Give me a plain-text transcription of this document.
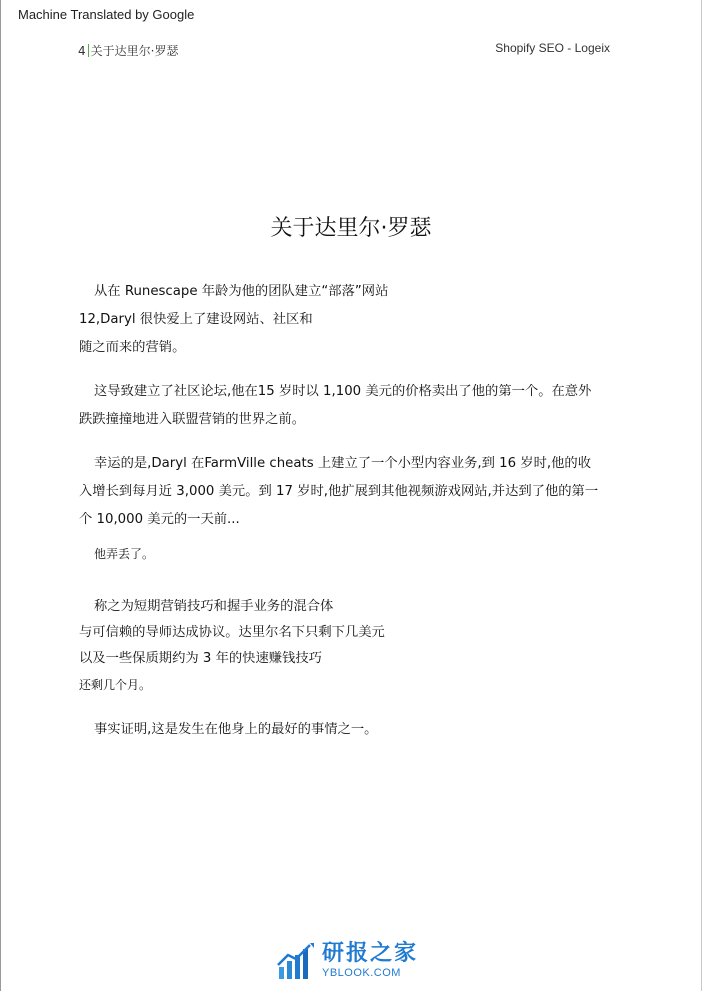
Machine Translated by Google
4 关于达里尔·罗瑟	Shopify SEO - Logeix
关于达里尔·罗瑟
从在 Runescape 年龄为他的团队建立“部落”网站
12,Daryl 很快爱上了建设网站、社区和
随之而来的营销。
这导致建立了社区论坛,他在15 岁时以 1,100 美元的价格卖出了他的第一个。在意外
跌跌撞撞地进入联盟营销的世界之前。
幸运的是,Daryl 在FarmVille cheats 上建立了一个小型内容业务,到 16 岁时,他的收
入增长到每月近 3,000 美元。到 17 岁时,他扩展到其他视频游戏网站,并达到了他的第一
个 10,000 美元的一天前...
他弄丢了。
称之为短期营销技巧和握手业务的混合体
与可信赖的导师达成协议。达里尔名下只剩下几美元
以及一些保质期约为 3 年的快速赚钱技巧
还剩几个月。
事实证明,这是发生在他身上的最好的事情之一。
研报之家
YBLOOK.COM
